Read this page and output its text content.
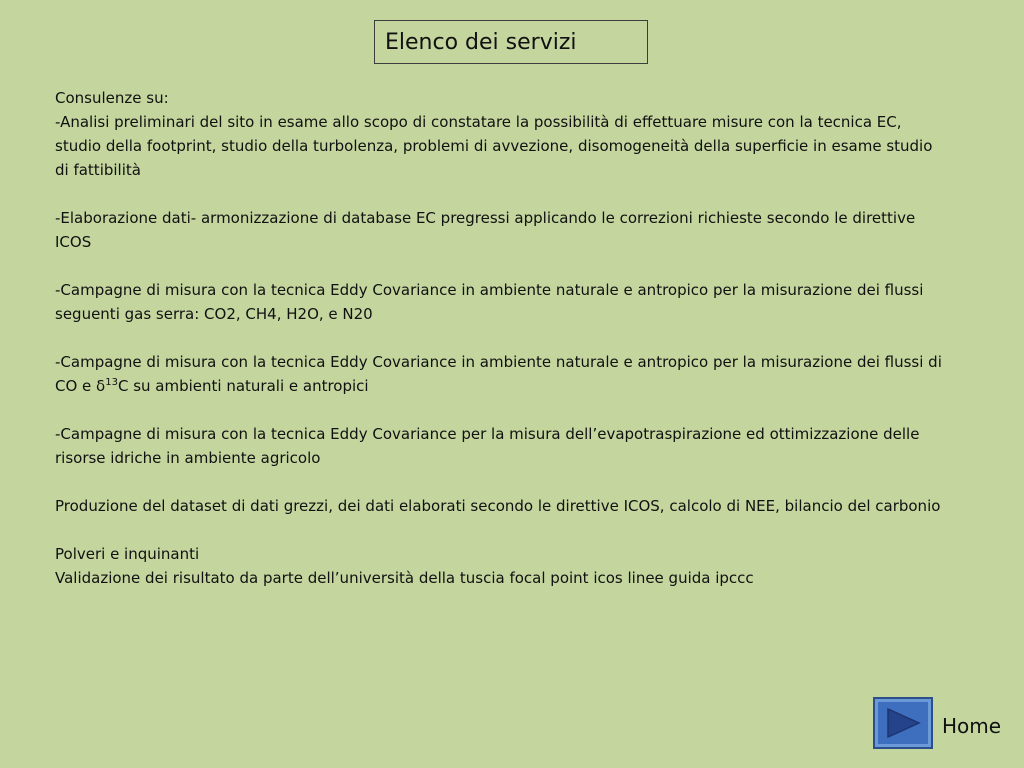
Elenco dei servizi

Consulenze su:
-Analisi preliminari del sito in esame allo scopo di constatare la possibilità di effettuare misure con la tecnica EC, studio della footprint, studio della turbolenza, problemi di avvezione, disomogeneità della superficie in esame studio di fattibilità

-Elaborazione dati- armonizzazione di database EC pregressi applicando le correzioni richieste secondo le direttive ICOS

-Campagne di misura con la tecnica Eddy Covariance in ambiente naturale e antropico per la misurazione dei flussi seguenti gas serra: CO2, CH4, H2O, e N20

-Campagne di misura con la tecnica Eddy Covariance in ambiente naturale e antropico per la misurazione dei flussi di CO e $\delta^{13}C$ su ambienti naturali e antropici

-Campagne di misura con la tecnica Eddy Covariance per la misura dell’evapotraspirazione ed ottimizzazione delle risorse idriche in ambiente agricolo

Produzione del dataset di dati grezzi, dei dati elaborati secondo le direttive ICOS, calcolo di NEE, bilancio del carbonio

Polveri e inquinanti

Validazione dei risultato da parte dell’università della tuscia focal point icos linee guida ipccc

Home
